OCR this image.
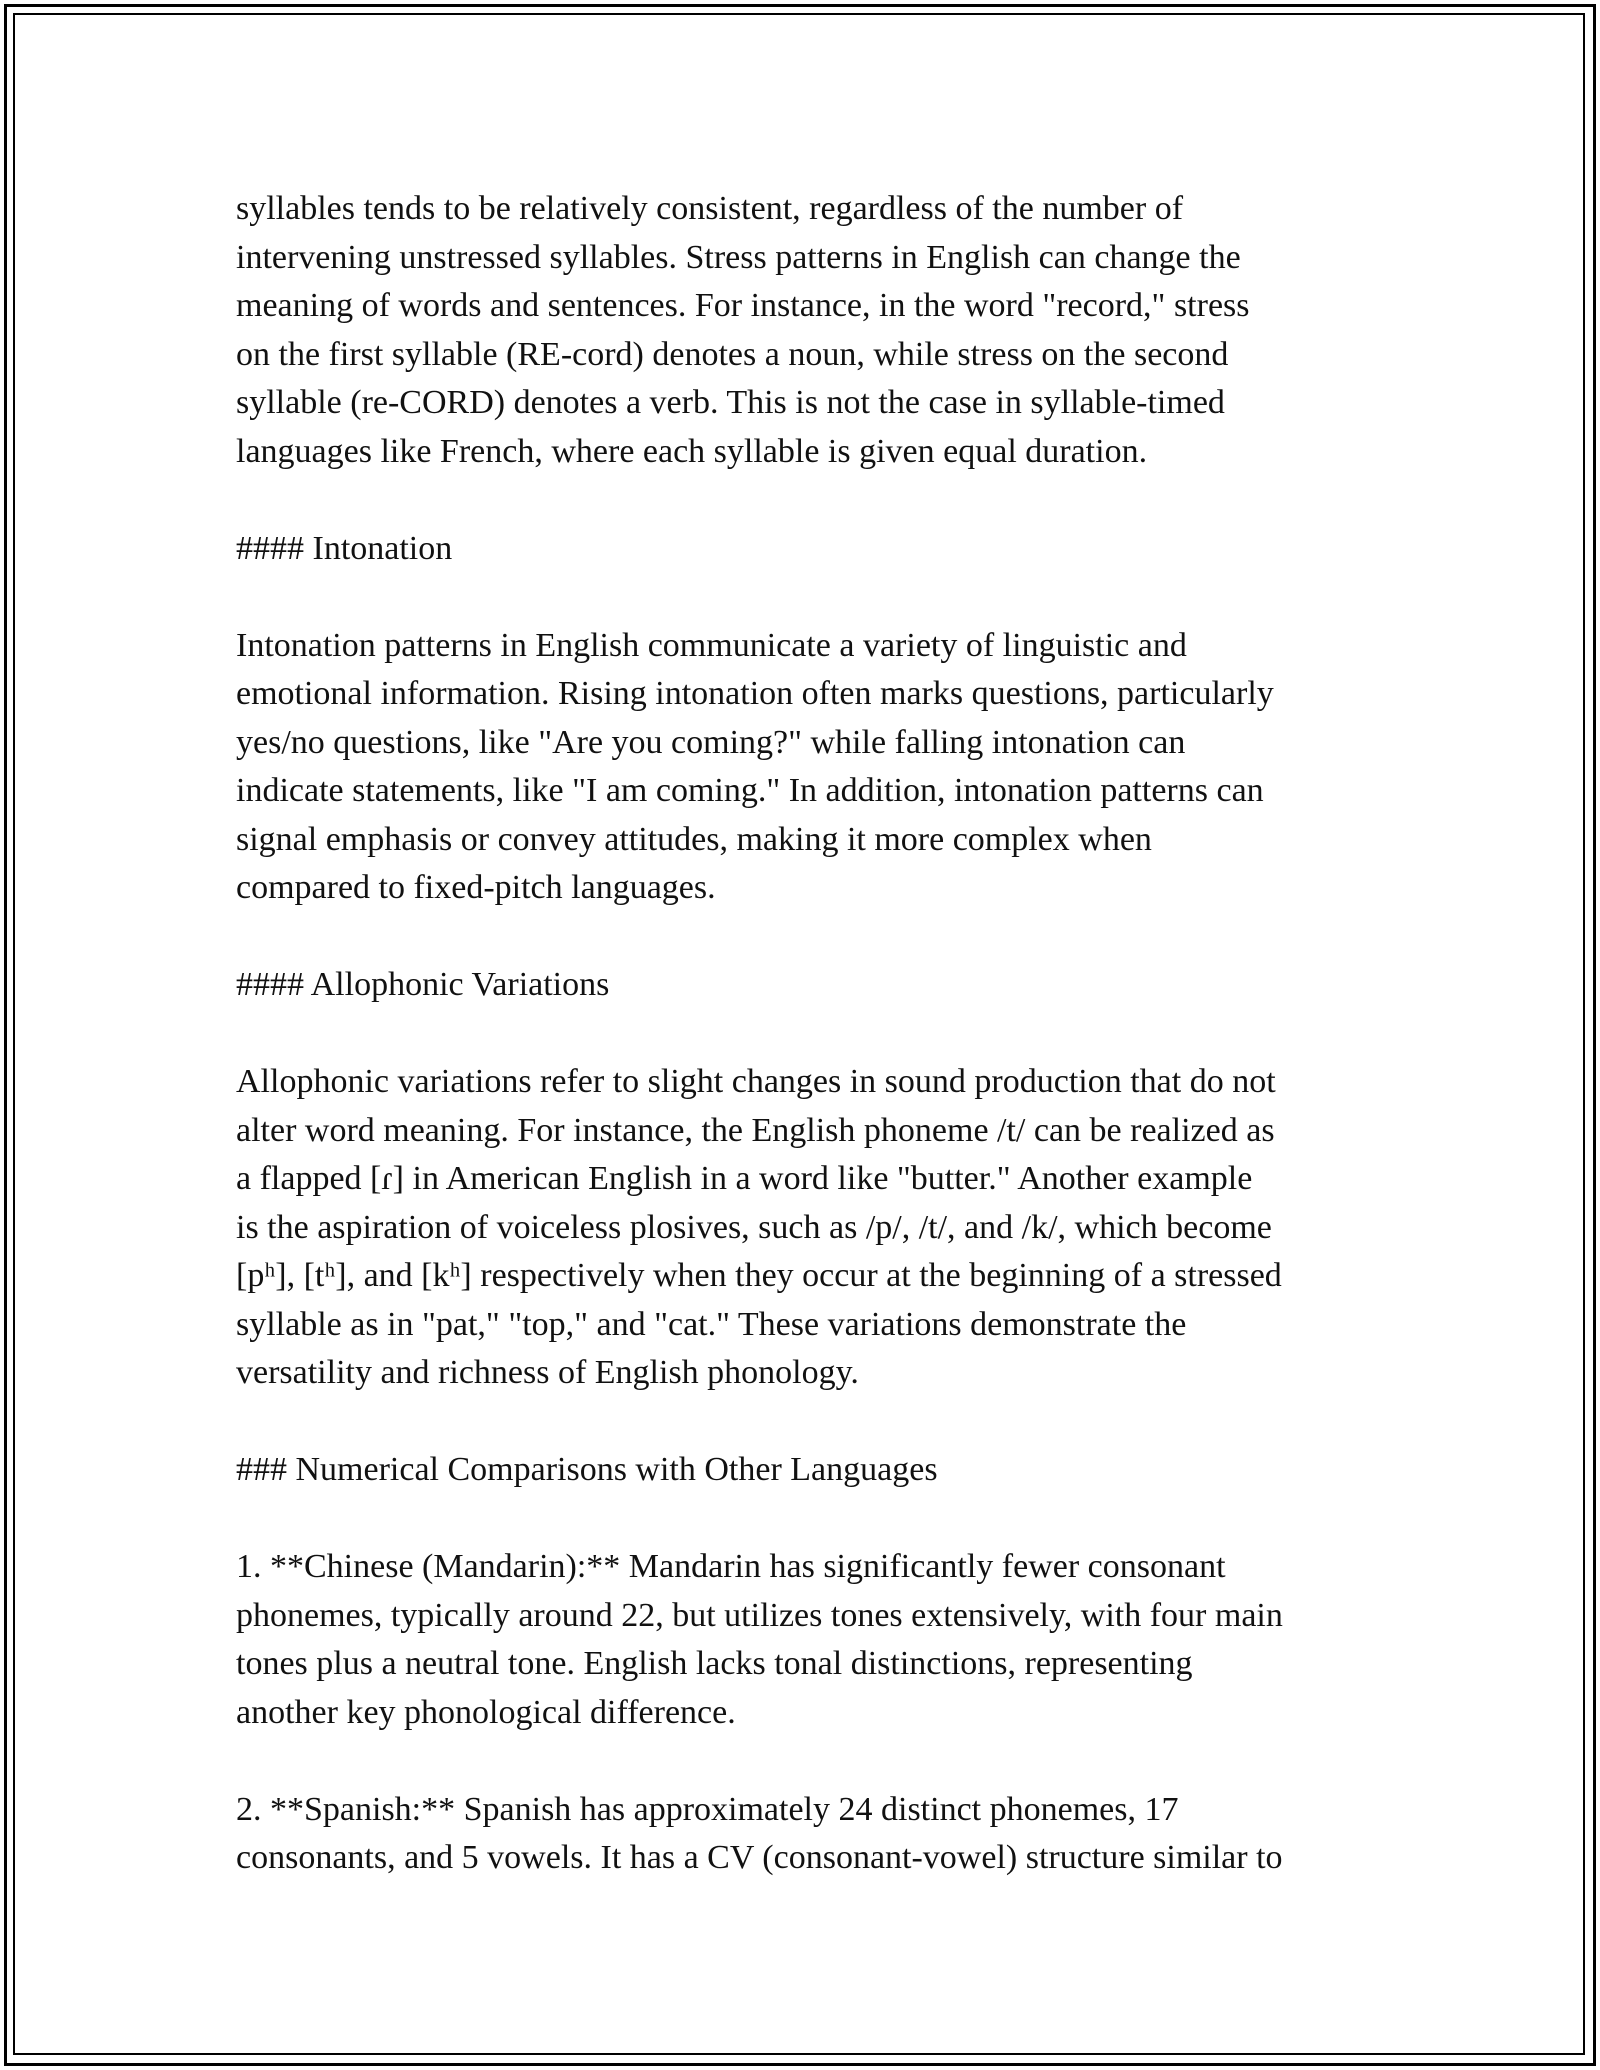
syllables tends to be relatively consistent, regardless of the number of
intervening unstressed syllables. Stress patterns in English can change the
meaning of words and sentences. For instance, in the word "record," stress
on the first syllable (RE-cord) denotes a noun, while stress on the second
syllable (re-CORD) denotes a verb. This is not the case in syllable-timed
languages like French, where each syllable is given equal duration.
#### Intonation
Intonation patterns in English communicate a variety of linguistic and
emotional information. Rising intonation often marks questions, particularly
yes/no questions, like "Are you coming?" while falling intonation can
indicate statements, like "I am coming." In addition, intonation patterns can
signal emphasis or convey attitudes, making it more complex when
compared to fixed-pitch languages.
#### Allophonic Variations
Allophonic variations refer to slight changes in sound production that do not
alter word meaning. For instance, the English phoneme /t/ can be realized as
a flapped [ɾ] in American English in a word like "butter." Another example
is the aspiration of voiceless plosives, such as /p/, /t/, and /k/, which become
[pʰ], [tʰ], and [kʰ] respectively when they occur at the beginning of a stressed
syllable as in "pat," "top," and "cat." These variations demonstrate the
versatility and richness of English phonology.
### Numerical Comparisons with Other Languages
1. **Chinese (Mandarin):** Mandarin has significantly fewer consonant
phonemes, typically around 22, but utilizes tones extensively, with four main
tones plus a neutral tone. English lacks tonal distinctions, representing
another key phonological difference.
2. **Spanish:** Spanish has approximately 24 distinct phonemes, 17
consonants, and 5 vowels. It has a CV (consonant-vowel) structure similar to
